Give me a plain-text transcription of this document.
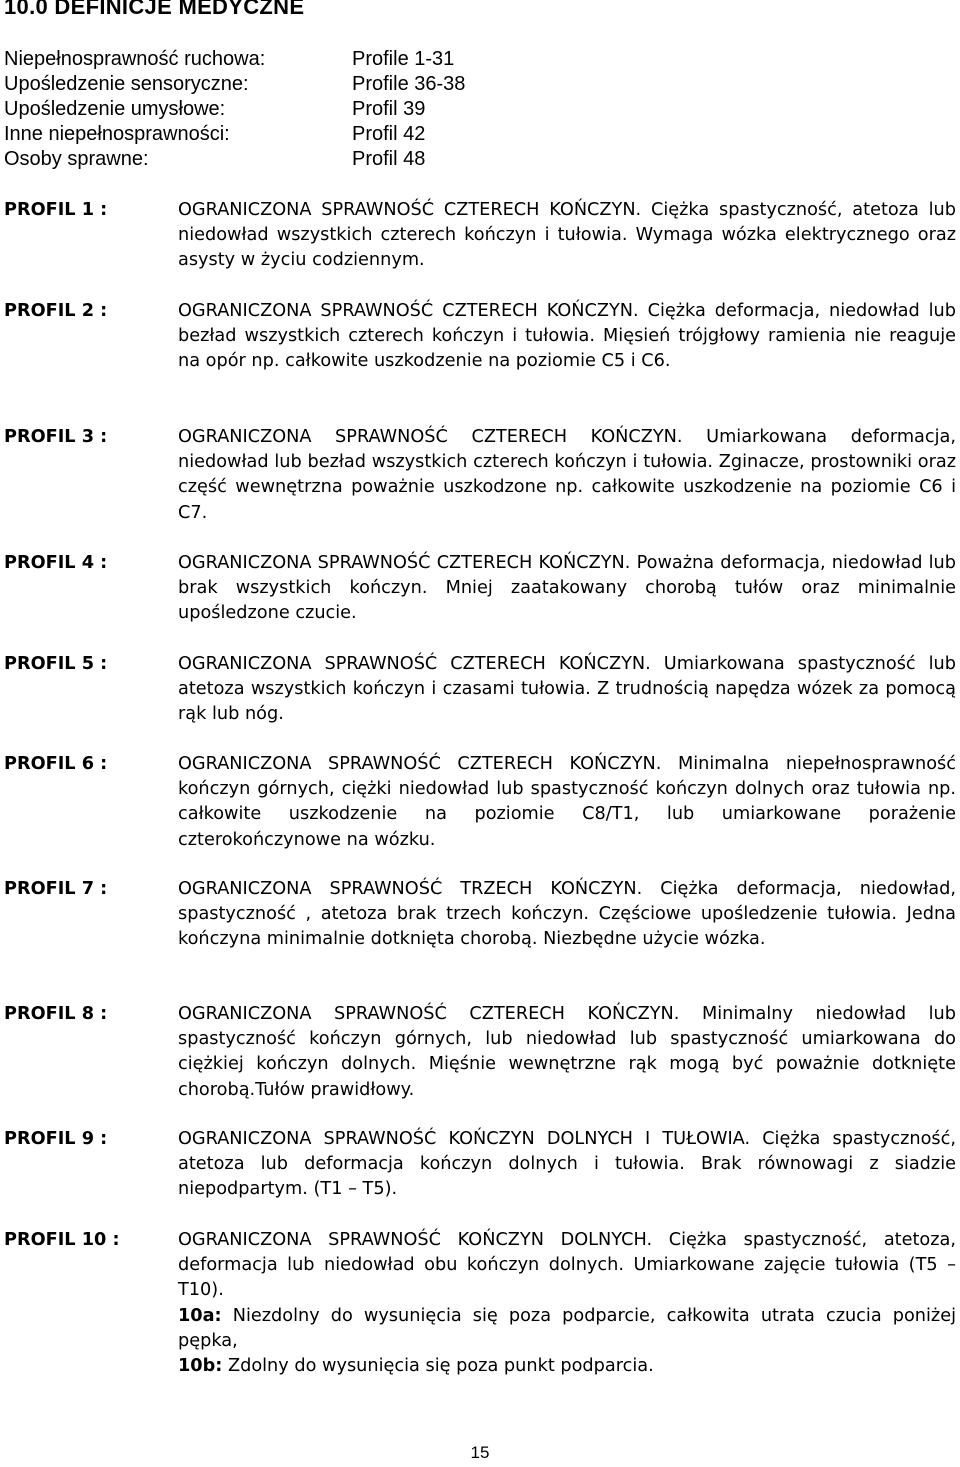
10.0 DEFINICJE MEDYCZNE
Niepełnosprawność ruchowa:	Profile 1-31
Upośledzenie sensoryczne:	Profile 36-38
Upośledzenie umysłowe:	Profil 39
Inne niepełnosprawności:	Profil 42
Osoby sprawne:	Profil 48
PROFIL 1 :	OGRANICZONA SPRAWNOŚĆ CZTERECH KOŃCZYN. Ciężka spastyczność, atetoza lub niedowład wszystkich czterech kończyn i tułowia. Wymaga wózka elektrycznego oraz asysty w życiu codziennym.
PROFIL 2 :	OGRANICZONA SPRAWNOŚĆ CZTERECH KOŃCZYN. Ciężka deformacja, niedowład lub bezład wszystkich czterech kończyn i tułowia. Mięsień trójgłowy ramienia nie reaguje na opór np. całkowite uszkodzenie na poziomie C5 i C6.
PROFIL 3 :	OGRANICZONA SPRAWNOŚĆ CZTERECH KOŃCZYN. Umiarkowana deformacja, niedowład lub bezład wszystkich czterech kończyn i tułowia. Zginacze, prostowniki oraz część wewnętrzna poważnie uszkodzone np. całkowite uszkodzenie na poziomie C6 i C7.
PROFIL 4 :	OGRANICZONA SPRAWNOŚĆ CZTERECH KOŃCZYN. Poważna deformacja, niedowład lub brak wszystkich kończyn. Mniej zaatakowany chorobą tułów oraz minimalnie upośledzone czucie.
PROFIL 5 :	OGRANICZONA SPRAWNOŚĆ CZTERECH KOŃCZYN. Umiarkowana spastyczność lub atetoza wszystkich kończyn i czasami tułowia. Z trudnością napędza wózek za pomocą rąk lub nóg.
PROFIL 6 :	OGRANICZONA SPRAWNOŚĆ CZTERECH KOŃCZYN. Minimalna niepełnosprawność kończyn górnych, ciężki niedowład lub spastyczność kończyn dolnych oraz tułowia np. całkowite uszkodzenie na poziomie C8/T1, lub umiarkowane porażenie czterokończynowe na wózku.
PROFIL 7 :	OGRANICZONA SPRAWNOŚĆ TRZECH KOŃCZYN. Ciężka deformacja, niedowład, spastyczność , atetoza brak trzech kończyn. Częściowe upośledzenie tułowia. Jedna kończyna minimalnie dotknięta chorobą. Niezbędne użycie wózka.
PROFIL 8 :	OGRANICZONA SPRAWNOŚĆ CZTERECH KOŃCZYN. Minimalny niedowład lub spastyczność kończyn górnych, lub niedowład lub spastyczność umiarkowana do ciężkiej kończyn dolnych. Mięśnie wewnętrzne rąk mogą być poważnie dotknięte chorobą.Tułów prawidłowy.
PROFIL 9 :	OGRANICZONA SPRAWNOŚĆ KOŃCZYN DOLNYCH I TUŁOWIA. Ciężka spastyczność, atetoza lub deformacja kończyn dolnych i tułowia. Brak równowagi z siadzie niepodpartym. (T1 – T5).
PROFIL 10 :	OGRANICZONA SPRAWNOŚĆ KOŃCZYN DOLNYCH. Ciężka spastyczność, atetoza, deformacja lub niedowład obu kończyn dolnych. Umiarkowane zajęcie tułowia (T5 – T10).

10a: Niezdolny do wysunięcia się poza podparcie, całkowita utrata czucia poniżej pępka,

10b: Zdolny do wysunięcia się poza punkt podparcia.

15
